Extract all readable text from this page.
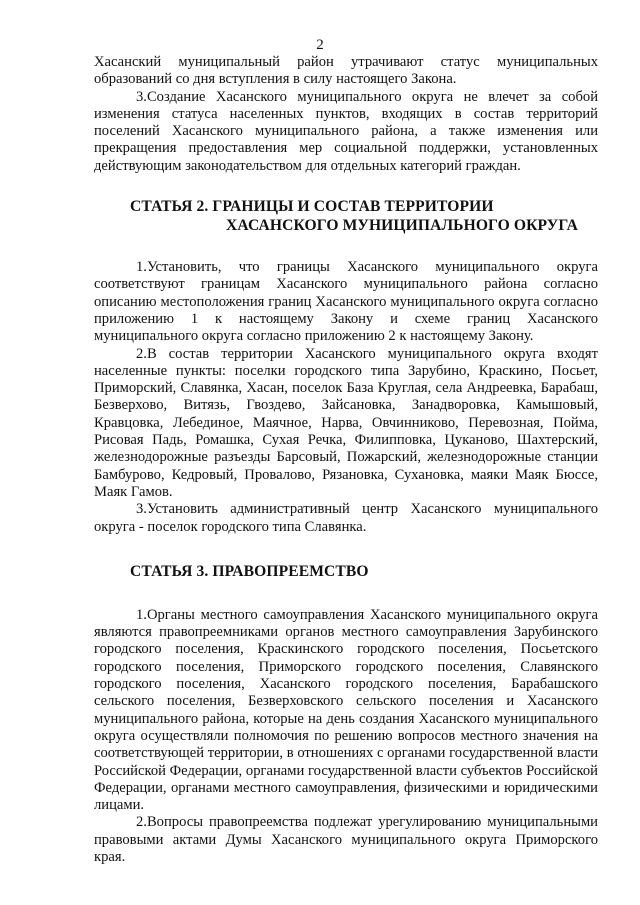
2

Хасанский муниципальный район утрачивают статус муниципальных образований со дня вступления в силу настоящего Закона.

3.Создание Хасанского муниципального округа не влечет за собой изменения статуса населенных пунктов, входящих в состав территорий поселений Хасанского муниципального района, а также изменения или прекращения предоставления мер социальной поддержки, установленных действующим законодательством для отдельных категорий граждан.

СТАТЬЯ 2. ГРАНИЦЫ И СОСТАВ ТЕРРИТОРИИ
ХАСАНСКОГО МУНИЦИПАЛЬНОГО ОКРУГА

1.Установить, что границы Хасанского муниципального округа соответствуют границам Хасанского муниципального района согласно описанию местоположения границ Хасанского муниципального округа согласно приложению 1 к настоящему Закону и схеме границ Хасанского муниципального округа согласно приложению 2 к настоящему Закону.

2.В состав территории Хасанского муниципального округа входят населенные пункты: поселки городского типа Зарубино, Краскино, Посьет, Приморский, Славянка, Хасан, поселок База Круглая, села Андреевка, Барабаш, Безверхово, Витязь, Гвоздево, Зайсановка, Занадворовка, Камышовый, Кравцовка, Лебединое, Маячное, Нарва, Овчинниково, Перевозная, Пойма, Рисовая Падь, Ромашка, Сухая Речка, Филипповка, Цуканово, Шахтерский, железнодорожные разъезды Барсовый, Пожарский, железнодорожные станции Бамбурово, Кедровый, Провалово, Рязановка, Сухановка, маяки Маяк Бюссе, Маяк Гамов.

3.Установить административный центр Хасанского муниципального округа - поселок городского типа Славянка.

СТАТЬЯ 3. ПРАВОПРЕЕМСТВО

1.Органы местного самоуправления Хасанского муниципального округа являются правопреемниками органов местного самоуправления Зарубинского городского поселения, Краскинского городского поселения, Посьетского городского поселения, Приморского городского поселения, Славянского городского поселения, Хасанского городского поселения, Барабашского сельского поселения, Безверховского сельского поселения и Хасанского муниципального района, которые на день создания Хасанского муниципального округа осуществляли полномочия по решению вопросов местного значения на соответствующей территории, в отношениях с органами государственной власти Российской Федерации, органами государственной власти субъектов Российской Федерации, органами местного самоуправления, физическими и юридическими лицами.

2.Вопросы правопреемства подлежат урегулированию муниципальными правовыми актами Думы Хасанского муниципального округа Приморского края.
